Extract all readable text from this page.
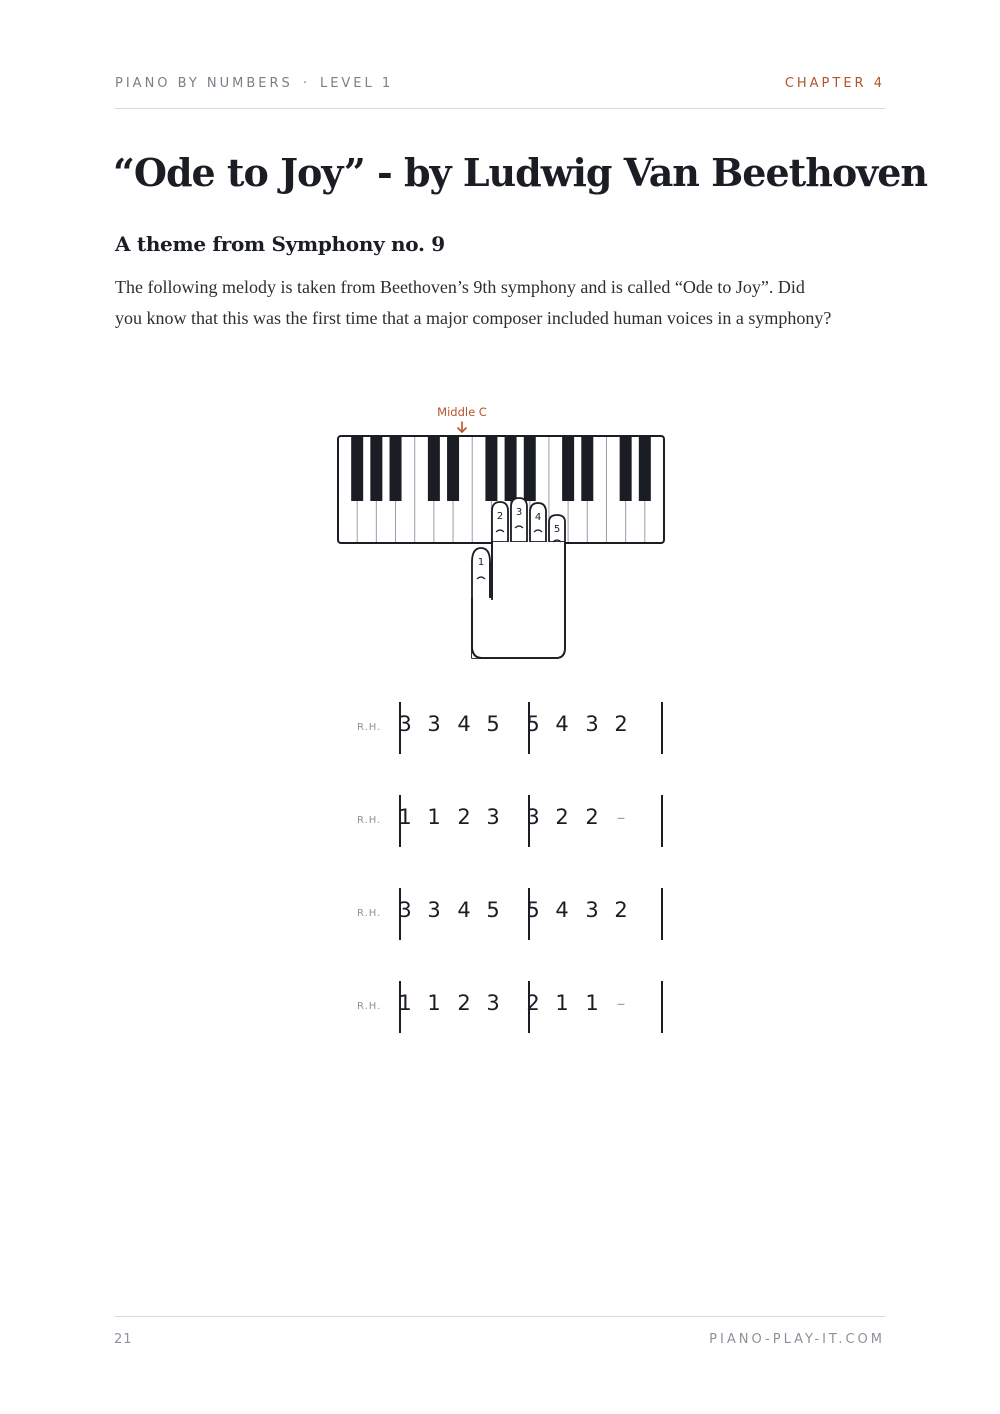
PIANO BY NUMBERS · LEVEL 1	CHAPTER 4
“Ode to Joy” - by Ludwig Van Beethoven
A theme from Symphony no. 9

The following melody is taken from Beethoven’s 9th symphony and is called “Ode to Joy”. Did you know that this was the first time that a major composer included human voices in a symphony?

Middle C
1
2 3 4
5
R.H. 3 3 4 5	5 4 3 2
R.H. 1 1 2 3	3 2 2	–
R.H. 3 3 4 5	5 4 3 2
R.H. 1 1 2 3	2 1 1	–
21	PIANO-PLAY-IT.COM
